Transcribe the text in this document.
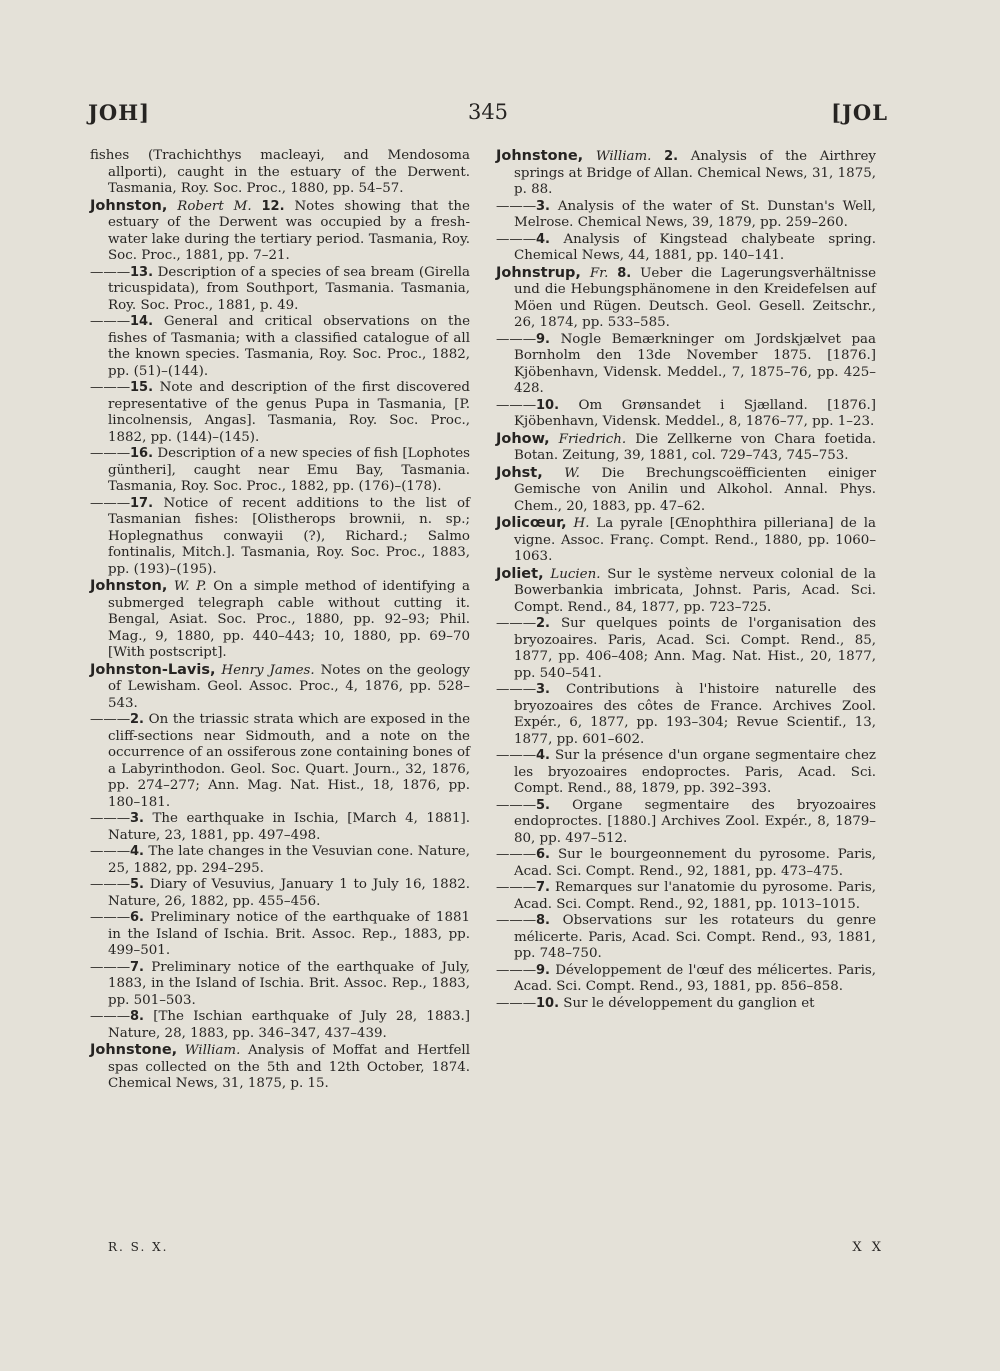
JOH]	345	[JOL

fishes (Trachichthys macleayi, and Mendosoma allporti), caught in the estuary of the Derwent. Tasmania, Roy. Soc. Proc., 1880, pp. 54–57.

Johnston, Robert M. 12. Notes showing that the estuary of the Derwent was occupied by a fresh-water lake during the tertiary period. Tasmania, Roy. Soc. Proc., 1881, pp. 7–21.

———13. Description of a species of sea bream (Girella tricuspidata), from Southport, Tasmania. Tasmania, Roy. Soc. Proc., 1881, p. 49.

———14. General and critical observations on the fishes of Tasmania; with a classified catalogue of all the known species. Tasmania, Roy. Soc. Proc., 1882, pp. (51)–(144).

———15. Note and description of the first discovered representative of the genus Pupa in Tasmania, [P. lincolnensis, Angas]. Tasmania, Roy. Soc. Proc., 1882, pp. (144)–(145).

———16. Description of a new species of fish [Lophotes güntheri], caught near Emu Bay, Tasmania. Tasmania, Roy. Soc. Proc., 1882, pp. (176)–(178).

———17. Notice of recent additions to the list of Tasmanian fishes: [Olistherops brownii, n. sp.; Hoplegnathus conwayii (?), Richard.; Salmo fontinalis, Mitch.]. Tasmania, Roy. Soc. Proc., 1883, pp. (193)–(195).

Johnston, W. P. On a simple method of identifying a submerged telegraph cable without cutting it. Bengal, Asiat. Soc. Proc., 1880, pp. 92–93; Phil. Mag., 9, 1880, pp. 440–443; 10, 1880, pp. 69–70 [With postscript].

Johnston-Lavis, Henry James. Notes on the geology of Lewisham. Geol. Assoc. Proc., 4, 1876, pp. 528–543.

———2. On the triassic strata which are exposed in the cliff-sections near Sidmouth, and a note on the occurrence of an ossiferous zone containing bones of a Labyrinthodon. Geol. Soc. Quart. Journ., 32, 1876, pp. 274–277; Ann. Mag. Nat. Hist., 18, 1876, pp. 180–181.

———3. The earthquake in Ischia, [March 4, 1881]. Nature, 23, 1881, pp. 497–498.

———4. The late changes in the Vesuvian cone. Nature, 25, 1882, pp. 294–295.

———5. Diary of Vesuvius, January 1 to July 16, 1882. Nature, 26, 1882, pp. 455–456.

———6. Preliminary notice of the earthquake of 1881 in the Island of Ischia. Brit. Assoc. Rep., 1883, pp. 499–501.

———7. Preliminary notice of the earthquake of July, 1883, in the Island of Ischia. Brit. Assoc. Rep., 1883, pp. 501–503.

———8. [The Ischian earthquake of July 28, 1883.] Nature, 28, 1883, pp. 346–347, 437–439.

Johnstone, William. Analysis of Moffat and Hertfell spas collected on the 5th and 12th October, 1874. Chemical News, 31, 1875, p. 15.

Johnstone, William. 2. Analysis of the Airthrey springs at Bridge of Allan. Chemical News, 31, 1875, p. 88.

———3. Analysis of the water of St. Dunstan's Well, Melrose. Chemical News, 39, 1879, pp. 259–260.

———4. Analysis of Kingstead chalybeate spring. Chemical News, 44, 1881, pp. 140–141.

Johnstrup, Fr. 8. Ueber die Lagerungsverhältnisse und die Hebungsphänomene in den Kreidefelsen auf Möen und Rügen. Deutsch. Geol. Gesell. Zeitschr., 26, 1874, pp. 533–585.

———9. Nogle Bemærkninger om Jordskjælvet paa Bornholm den 13de November 1875. [1876.] Kjöbenhavn, Vidensk. Meddel., 7, 1875–76, pp. 425–428.

———10. Om Grønsandet i Sjælland. [1876.] Kjöbenhavn, Vidensk. Meddel., 8, 1876–77, pp. 1–23.

Johow, Friedrich. Die Zellkerne von Chara foetida. Botan. Zeitung, 39, 1881, col. 729–743, 745–753.

Johst, W. Die Brechungscoëfficienten einiger Gemische von Anilin und Alkohol. Annal. Phys. Chem., 20, 1883, pp. 47–62.

Jolicœur, H. La pyrale [Œnophthira pilleriana] de la vigne. Assoc. Franç. Compt. Rend., 1880, pp. 1060–1063.

Joliet, Lucien. Sur le système nerveux colonial de la Bowerbankia imbricata, Johnst. Paris, Acad. Sci. Compt. Rend., 84, 1877, pp. 723–725.

———2. Sur quelques points de l'organisation des bryozoaires. Paris, Acad. Sci. Compt. Rend., 85, 1877, pp. 406–408; Ann. Mag. Nat. Hist., 20, 1877, pp. 540–541.

———3. Contributions à l'histoire naturelle des bryozoaires des côtes de France. Archives Zool. Expér., 6, 1877, pp. 193–304; Revue Scientif., 13, 1877, pp. 601–602.

———4. Sur la présence d'un organe segmentaire chez les bryozoaires endoproctes. Paris, Acad. Sci. Compt. Rend., 88, 1879, pp. 392–393.

———5. Organe segmentaire des bryozoaires endoproctes. [1880.] Archives Zool. Expér., 8, 1879–80, pp. 497–512.

———6. Sur le bourgeonnement du pyrosome. Paris, Acad. Sci. Compt. Rend., 92, 1881, pp. 473–475.

———7. Remarques sur l'anatomie du pyrosome. Paris, Acad. Sci. Compt. Rend., 92, 1881, pp. 1013–1015.

———8. Observations sur les rotateurs du genre mélicerte. Paris, Acad. Sci. Compt. Rend., 93, 1881, pp. 748–750.

———9. Développement de l'œuf des mélicertes. Paris, Acad. Sci. Compt. Rend., 93, 1881, pp. 856–858.

———10. Sur le développement du ganglion et

R. S. X.	X X
